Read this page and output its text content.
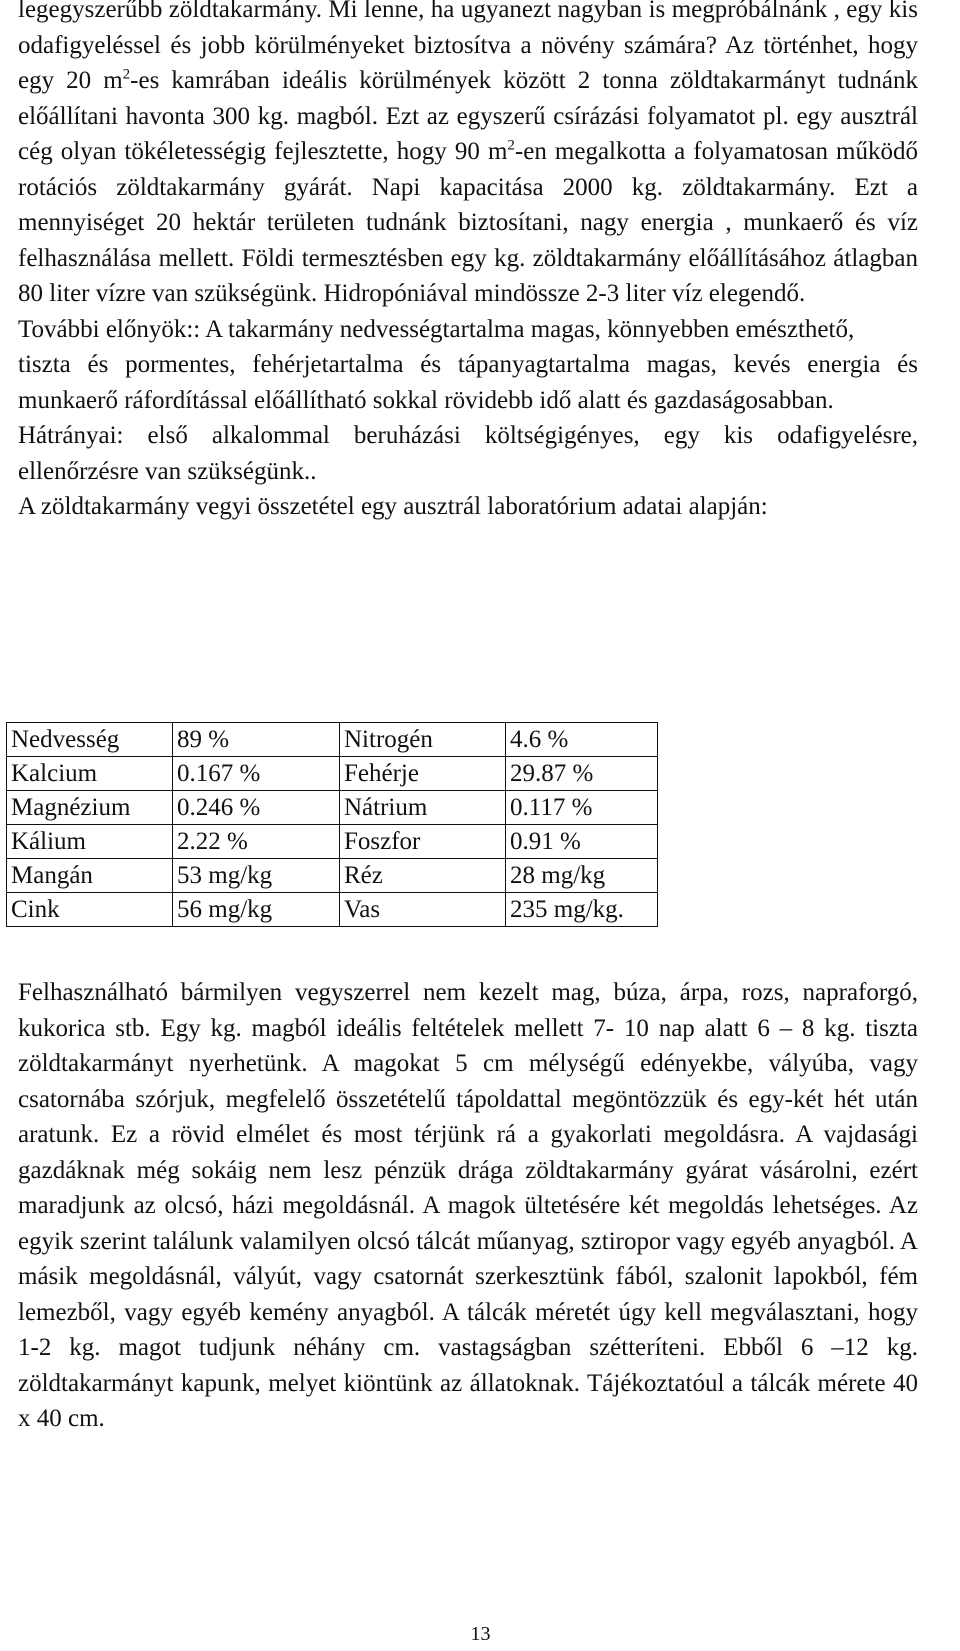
legegyszerűbb zöldtakarmány. Mi lenne, ha ugyanezt nagyban is megpróbálnánk , egy kis odafigyeléssel és jobb körülményeket biztosítva a növény számára? Az történhet, hogy egy 20 $m^2-es$ kamrában ideális körülmények között 2 tonna zöldtakarmányt tudnánk előállítani havonta 300 kg. magból. Ezt az egyszerű csírázási folyamatot pl. egy ausztrál cég olyan tökéletességig fejlesztette, hogy 90 $m^2-en$ megalkotta a folyamatosan működő rotációs zöldtakarmány gyárát. Napi kapacitása 2000 kg. zöldtakarmány. Ezt a mennyiséget 20 hektár területen tudnánk biztosítani, nagy energia , munkaerő és víz felhasználása mellett. Földi termesztésben egy kg. zöldtakarmány előállításához átlagban 80 liter vízre van szükségünk. Hidropóniával mindössze 2-3 liter víz elegendő.

További előnyök:: A takarmány nedvességtartalma magas, könnyebben emészthető,

tiszta és pormentes, fehérjetartalma és tápanyagtartalma magas, kevés energia és munkaerő ráfordítással előállítható sokkal rövidebb idő alatt és gazdaságosabban.

Hátrányai: első alkalommal beruházási költségigényes, egy kis odafigyelésre, ellenőrzésre van szükségünk..

A zöldtakarmány vegyi összetétel egy ausztrál laboratórium adatai alapján:

Nedvesség	89 %	Nitrogén	4.6 %
Kalcium	0.167 %	Fehérje	29.87 %
Magnézium	0.246 %	Nátrium	0.117 %
Kálium	2.22 %	Foszfor	0.91 %
Mangán	53 mg/kg	Réz	28 mg/kg
Cink	56 mg/kg	Vas	235 mg/kg.

Felhasználható bármilyen vegyszerrel nem kezelt mag, búza, árpa, rozs, napraforgó, kukorica stb. Egy kg. magból ideális feltételek mellett 7- 10 nap alatt 6 – 8 kg. tiszta zöldtakarmányt nyerhetünk. A magokat 5 cm mélységű edényekbe, vályúba, vagy csatornába szórjuk, megfelelő összetételű tápoldattal megöntözzük és egy-két hét után aratunk. Ez a rövid elmélet és most térjünk rá a gyakorlati megoldásra. A vajdasági gazdáknak még sokáig nem lesz pénzük drága zöldtakarmány gyárat vásárolni, ezért maradjunk az olcsó, házi megoldásnál. A magok ültetésére két megoldás lehetséges. Az egyik szerint találunk valamilyen olcsó tálcát műanyag, sztiropor vagy egyéb anyagból. A másik megoldásnál, vályút, vagy csatornát szerkesztünk fából, szalonit lapokból, fém lemezből, vagy egyéb kemény anyagból. A tálcák méretét úgy kell megválasztani, hogy 1-2 kg. magot tudjunk néhány cm. vastagságban szétteríteni. Ebből 6 –12 kg. zöldtakarmányt kapunk, melyet kiöntünk az állatoknak. Tájékoztatóul a tálcák mérete 40 x 40 cm.

13
